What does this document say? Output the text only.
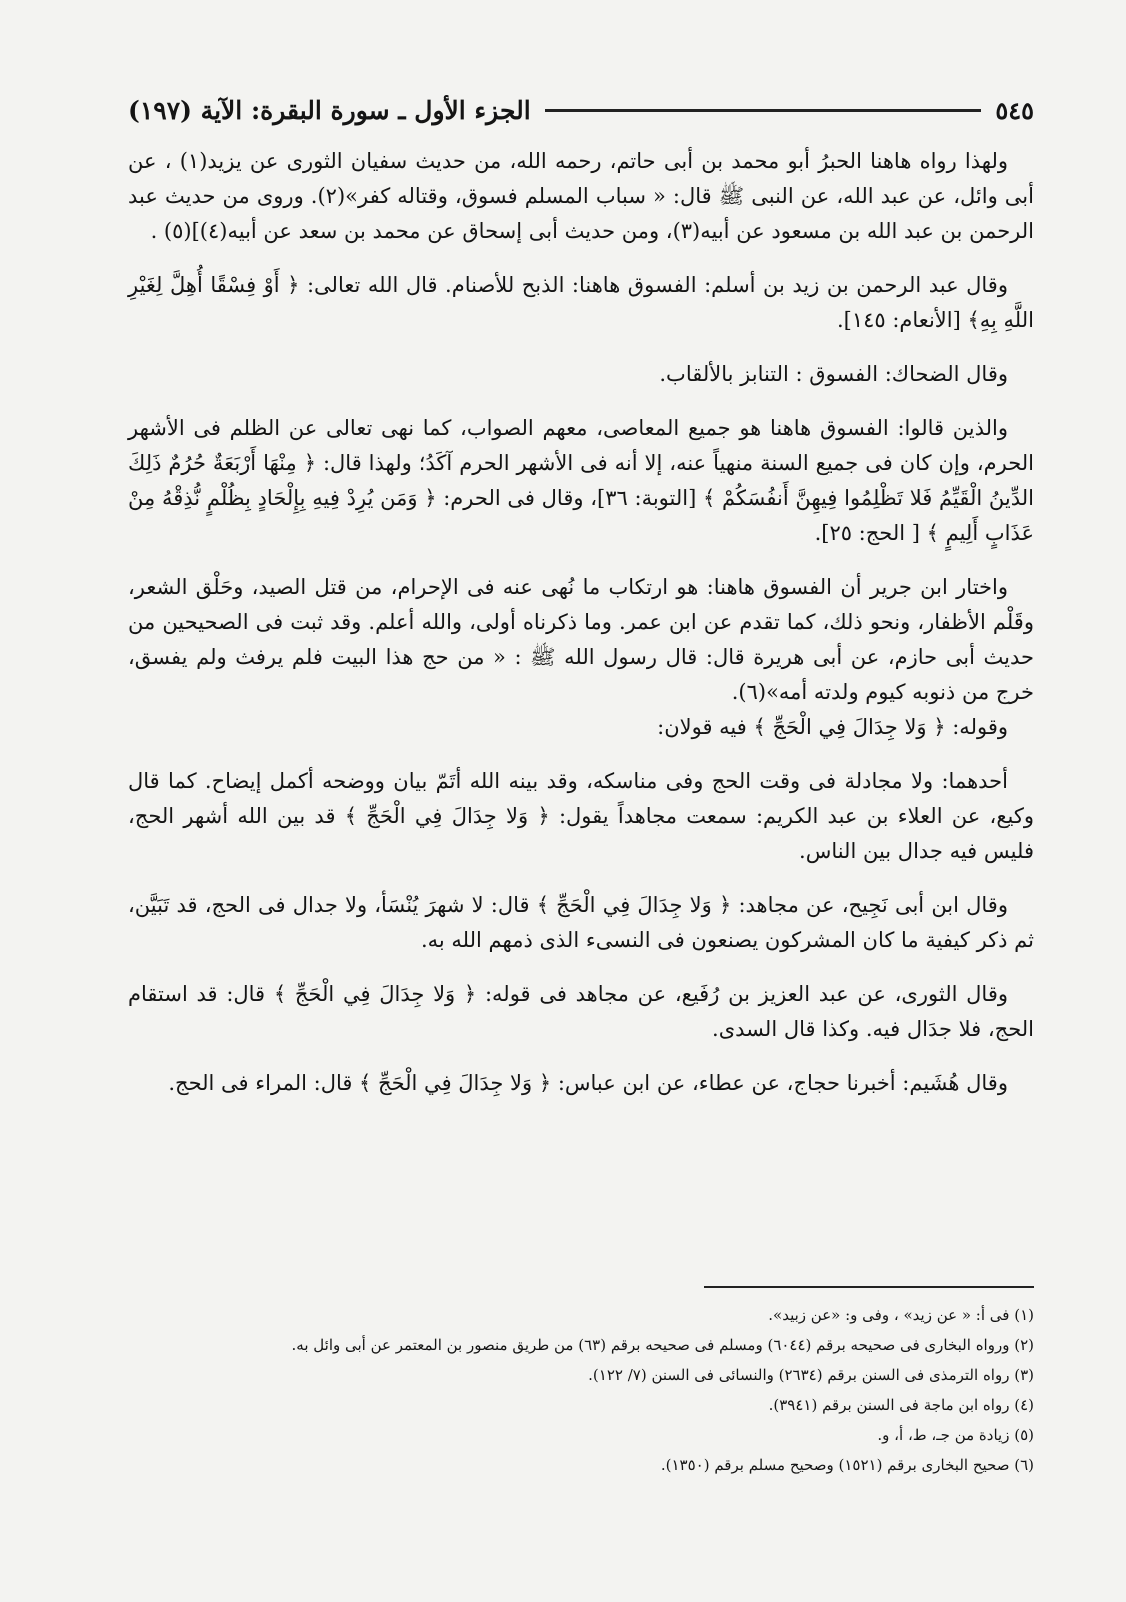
الجزء الأول ـ سورة البقرة: الآية (١٩٧)	٥٤٥

ولهذا رواه هاهنا الحبرُ أبو محمد بن أبى حاتم، رحمه الله، من حديث سفيان الثورى عن يزيد(١) ، عن أبى وائل، عن عبد الله، عن النبى ﷺ قال: « سباب المسلم فسوق، وقتاله كفر»(٢). وروى من حديث عبد الرحمن بن عبد الله بن مسعود عن أبيه(٣)، ومن حديث أبى إسحاق عن محمد بن سعد عن أبيه(٤)](٥) .

وقال عبد الرحمن بن زيد بن أسلم: الفسوق هاهنا: الذبح للأصنام. قال الله تعالى: ﴿ أَوْ فِسْقًا أُهِلَّ لِغَيْرِ اللَّهِ بِهِ﴾ [الأنعام: ١٤٥].

وقال الضحاك: الفسوق : التنابز بالألقاب.

والذين قالوا: الفسوق هاهنا هو جميع المعاصى، معهم الصواب، كما نهى تعالى عن الظلم فى الأشهر الحرم، وإن كان فى جميع السنة منهياً عنه، إلا أنه فى الأشهر الحرم آكَدُ؛ ولهذا قال: ﴿ مِنْهَا أَرْبَعَةٌ حُرُمٌ ذَلِكَ الدِّينُ الْقَيِّمُ فَلا تَظْلِمُوا فِيهِنَّ أَنفُسَكُمْ ﴾ [التوبة: ٣٦]، وقال فى الحرم: ﴿ وَمَن يُرِدْ فِيهِ بِإِلْحَادٍ بِظُلْمٍ نُّذِقْهُ مِنْ عَذَابٍ أَلِيمٍ ﴾ [ الحج: ٢٥].

واختار ابن جرير أن الفسوق هاهنا: هو ارتكاب ما نُهى عنه فى الإحرام، من قتل الصيد، وحَلْق الشعر، وقَلْم الأظفار، ونحو ذلك، كما تقدم عن ابن عمر. وما ذكرناه أولى، والله أعلم. وقد ثبت فى الصحيحين من حديث أبى حازم، عن أبى هريرة قال: قال رسول الله ﷺ : « من حج هذا البيت فلم يرفث ولم يفسق، خرج من ذنوبه كيوم ولدته أمه»(٦).

وقوله: ﴿ وَلا جِدَالَ فِي الْحَجِّ ﴾ فيه قولان:

أحدهما: ولا مجادلة فى وقت الحج وفى مناسكه، وقد بينه الله أتَمّ بيان ووضحه أكمل إيضاح. كما قال وكيع، عن العلاء بن عبد الكريم: سمعت مجاهداً يقول: ﴿ وَلا جِدَالَ فِي الْحَجِّ ﴾ قد بين الله أشهر الحج، فليس فيه جدال بين الناس.

وقال ابن أبى نَجِيح، عن مجاهد: ﴿ وَلا جِدَالَ فِي الْحَجِّ ﴾ قال: لا شهرَ يُنْسَأ، ولا جدال فى الحج، قد تَبَيَّن، ثم ذكر كيفية ما كان المشركون يصنعون فى النسىء الذى ذمهم الله به.

وقال الثورى، عن عبد العزيز بن رُفَيع، عن مجاهد فى قوله: ﴿ وَلا جِدَالَ فِي الْحَجِّ ﴾ قال: قد استقام الحج، فلا جدَال فيه. وكذا قال السدى.

وقال هُشَيم: أخبرنا حجاج، عن عطاء، عن ابن عباس: ﴿ وَلا جِدَالَ فِي الْحَجِّ ﴾ قال: المراء فى الحج.

(١) فى أ: « عن زيد» ، وفى و: «عن زبيد».
(٢) ورواه البخارى فى صحيحه برقم (٦٠٤٤) ومسلم فى صحيحه برقم (٦٣) من طريق منصور بن المعتمر عن أبى وائل به.
(٣) رواه الترمذى فى السنن برقم (٢٦٣٤) والنسائى فى السنن (٧/ ١٢٢).
(٤) رواه ابن ماجة فى السنن برقم (٣٩٤١).
(٥) زيادة من جـ، ط، أ، و.
(٦) صحيح البخارى برقم (١٥٢١) وصحيح مسلم برقم (١٣٥٠).
